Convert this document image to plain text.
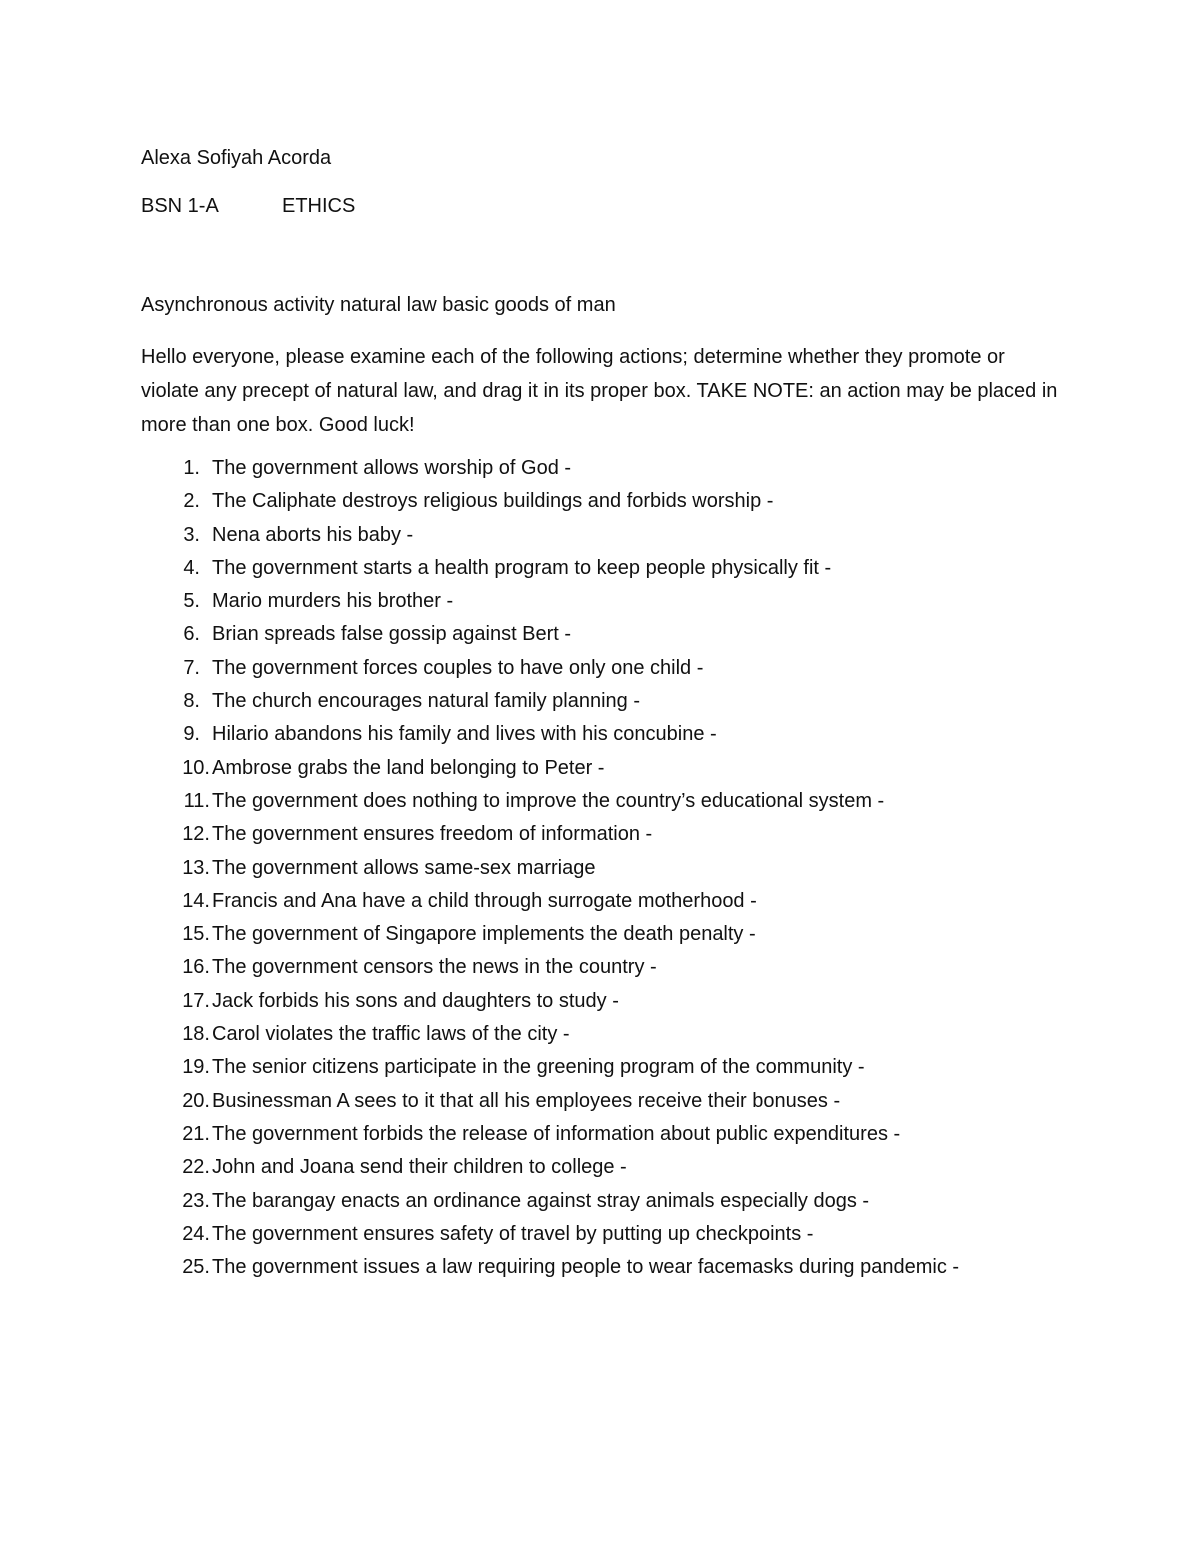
Alexa Sofiyah Acorda
BSN 1-A	ETHICS
Asynchronous activity natural law basic goods of man
Hello everyone, please examine each of the following actions; determine whether they promote or violate any precept of natural law, and drag it in its proper box. TAKE NOTE: an action may be placed in more than one box. Good luck!
1. The government allows worship of God -
2. The Caliphate destroys religious buildings and forbids worship -
3. Nena aborts his baby -
4. The government starts a health program to keep people physically fit -
5. Mario murders his brother -
6. Brian spreads false gossip against Bert -
7. The government forces couples to have only one child -
8. The church encourages natural family planning -
9. Hilario abandons his family and lives with his concubine -
10. Ambrose grabs the land belonging to Peter -
11. The government does nothing to improve the country’s educational system -
12. The government ensures freedom of information -
13. The government allows same-sex marriage
14. Francis and Ana have a child through surrogate motherhood -
15. The government of Singapore implements the death penalty -
16. The government censors the news in the country -
17. Jack forbids his sons and daughters to study -
18. Carol violates the traffic laws of the city -
19. The senior citizens participate in the greening program of the community -
20. Businessman A sees to it that all his employees receive their bonuses -
21. The government forbids the release of information about public expenditures -
22. John and Joana send their children to college -
23. The barangay enacts an ordinance against stray animals especially dogs -
24. The government ensures safety of travel by putting up checkpoints -
25. The government issues a law requiring people to wear facemasks during pandemic -
